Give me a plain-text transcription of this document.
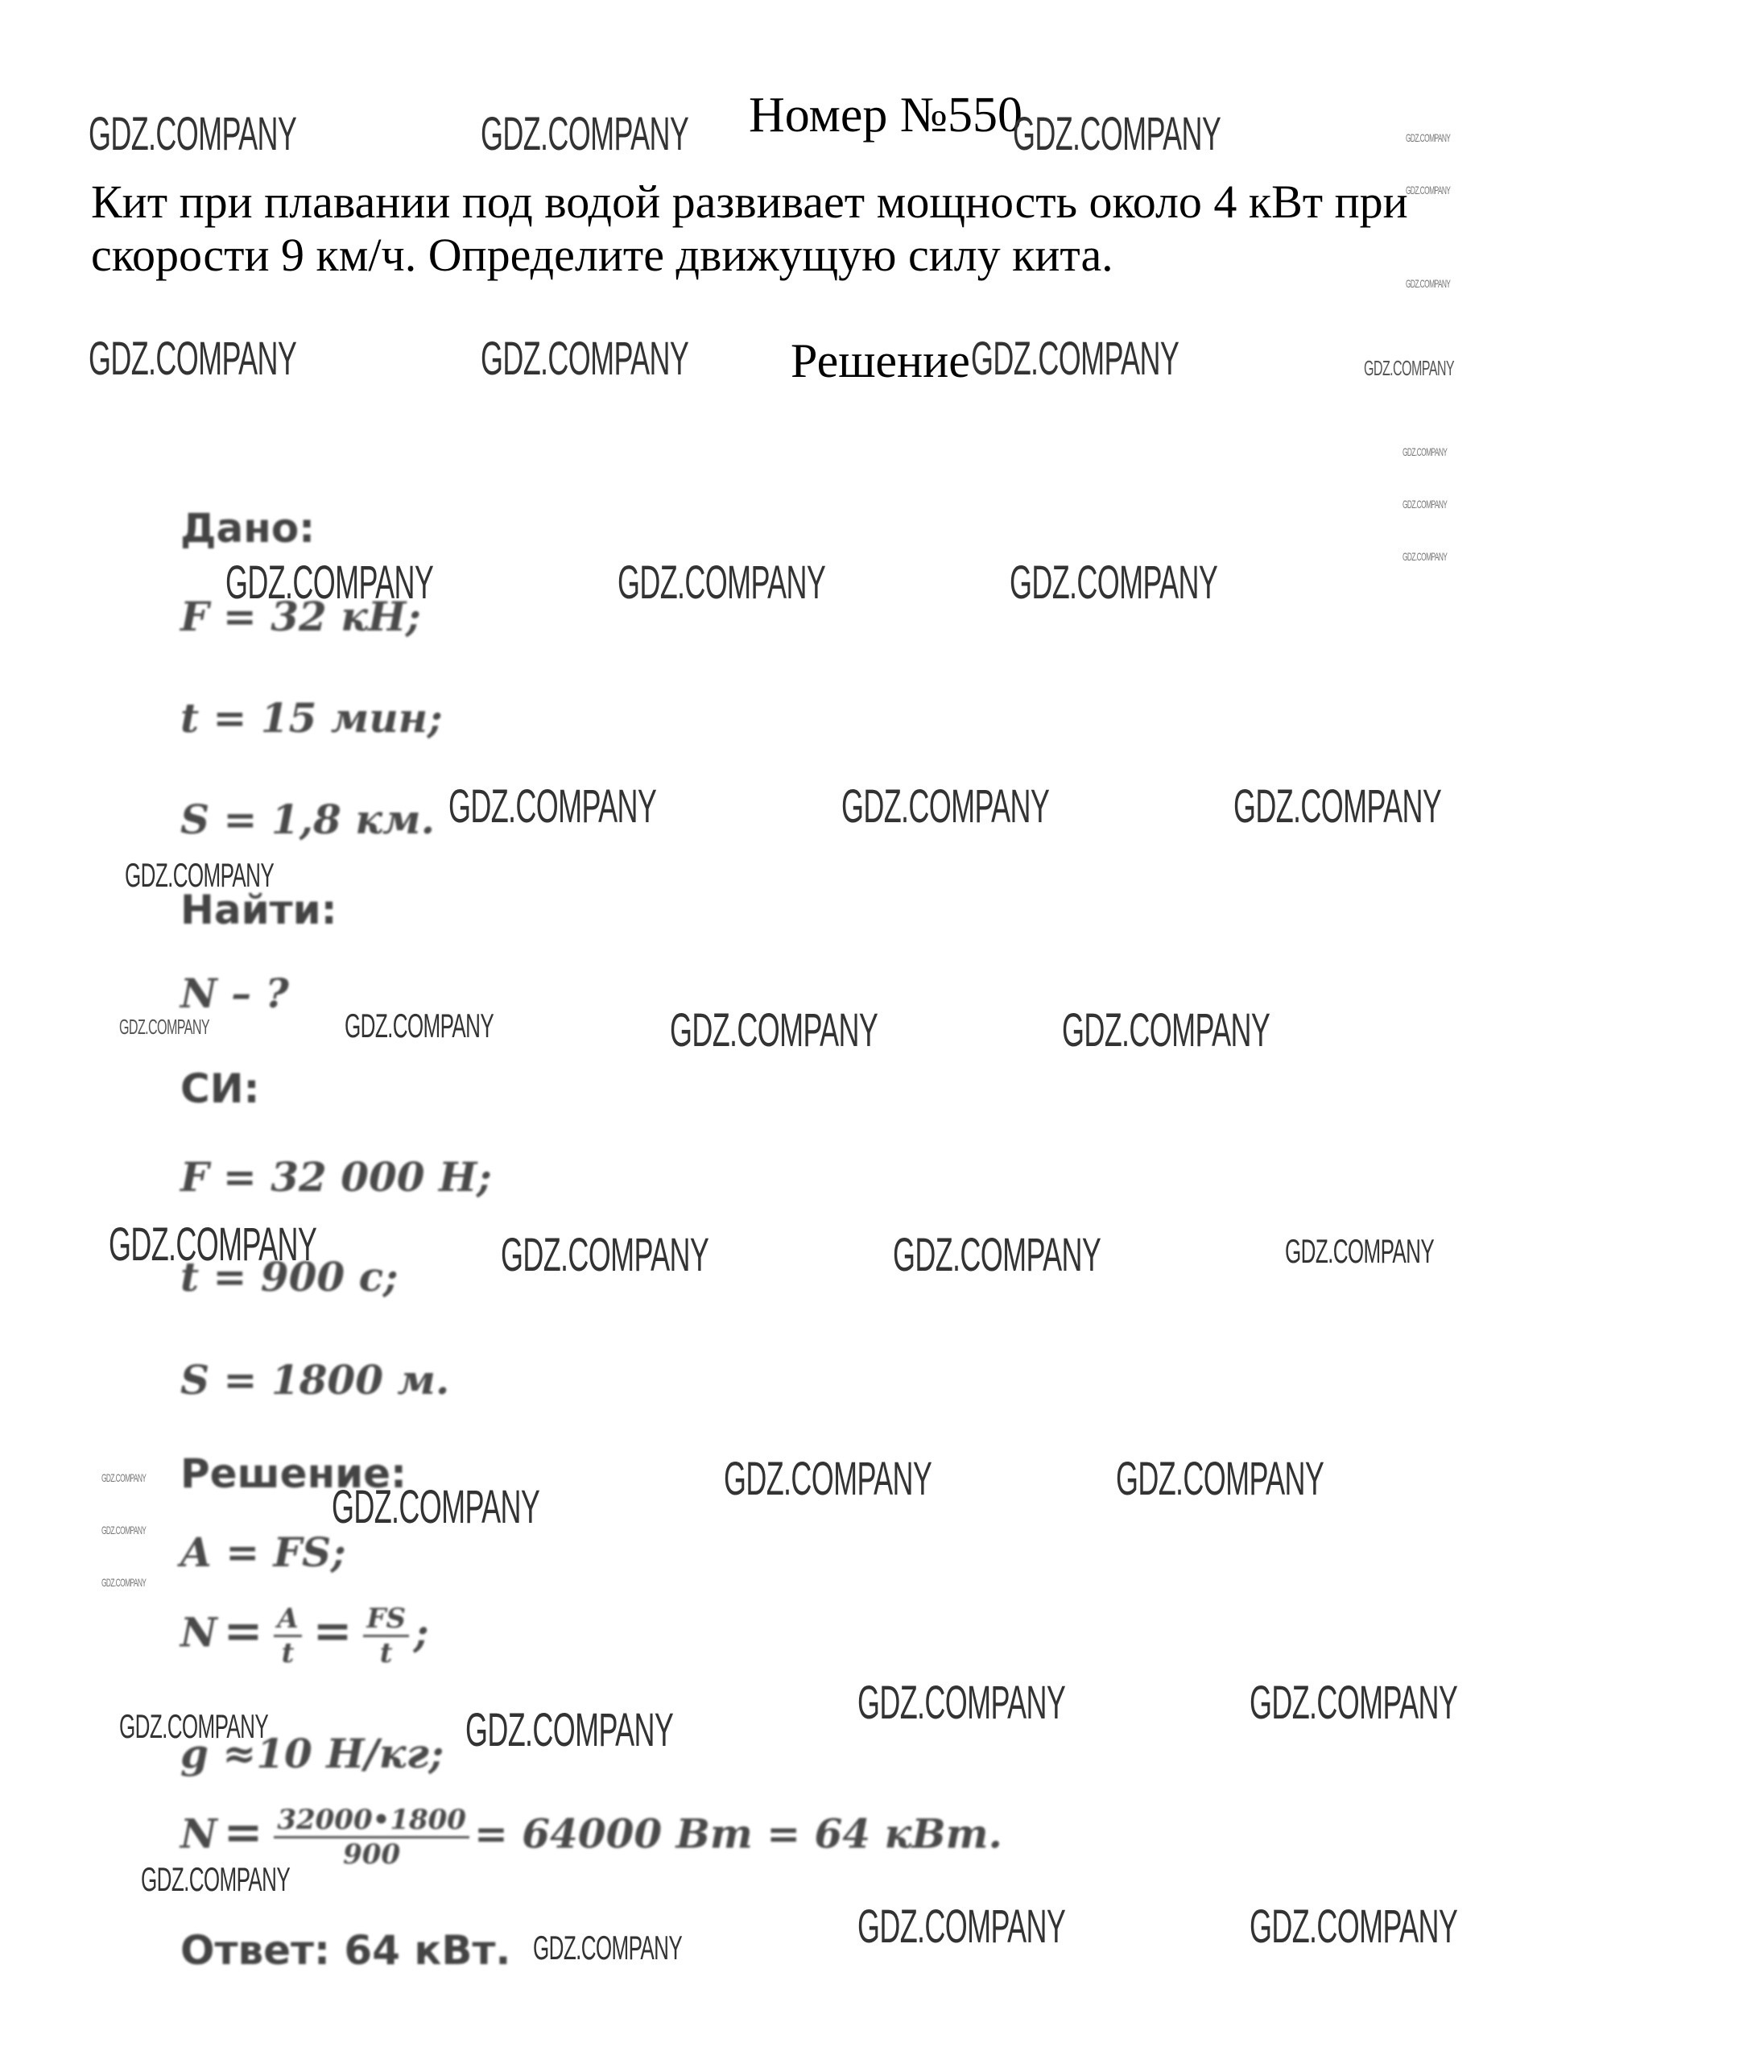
Номер №550
Кит при плавании под водой развивает мощность около 4 кВт при
скорости 9 км/ч. Определите движущую силу кита.
Решение
Дано:
F = 32 кН;
t = 15 мин;
S = 1,8 км.
Найти:
N – ?
СИ:
F = 32 000 Н;
t = 900 с;
S = 1800 м.
Решение:
A = FS;
$N = \frac{A}{t} = \frac{FS}{t}$ ;
g ≈10 Н/кг;
$N = \frac{32000•1800}{900} = 64000$ Вт = 64 кВт.
Ответ: 64 кВт.
GDZ.COMPANY	GDZ.COMPANY	GDZ.COMPANY	GDZ.COMPANY
GDZ.COMPANY
GDZ.COMPANY
GDZ.COMPANY	GDZ.COMPANY	GDZ.COMPANY	GDZ.COMPANY
GDZ.COMPANY
GDZ.COMPANY
GDZ.COMPANY
GDZ.COMPANY	GDZ.COMPANY	GDZ.COMPANY
GDZ.COMPANY	GDZ.COMPANY	GDZ.COMPANY
GDZ.COMPANY
GDZ.COMPANY	GDZ.COMPANY	GDZ.COMPANY	GDZ.COMPANY
GDZ.COMPANY	GDZ.COMPANY	GDZ.COMPANY	GDZ.COMPANY
GDZ.COMPANY
GDZ.COMPANY
GDZ.COMPANY
GDZ.COMPANY
GDZ.COMPANY	GDZ.COMPANY
GDZ.COMPANY	GDZ.COMPANY
GDZ.COMPANY	GDZ.COMPANY
GDZ.COMPANY
GDZ.COMPANY	GDZ.COMPANY
GDZ.COMPANY
